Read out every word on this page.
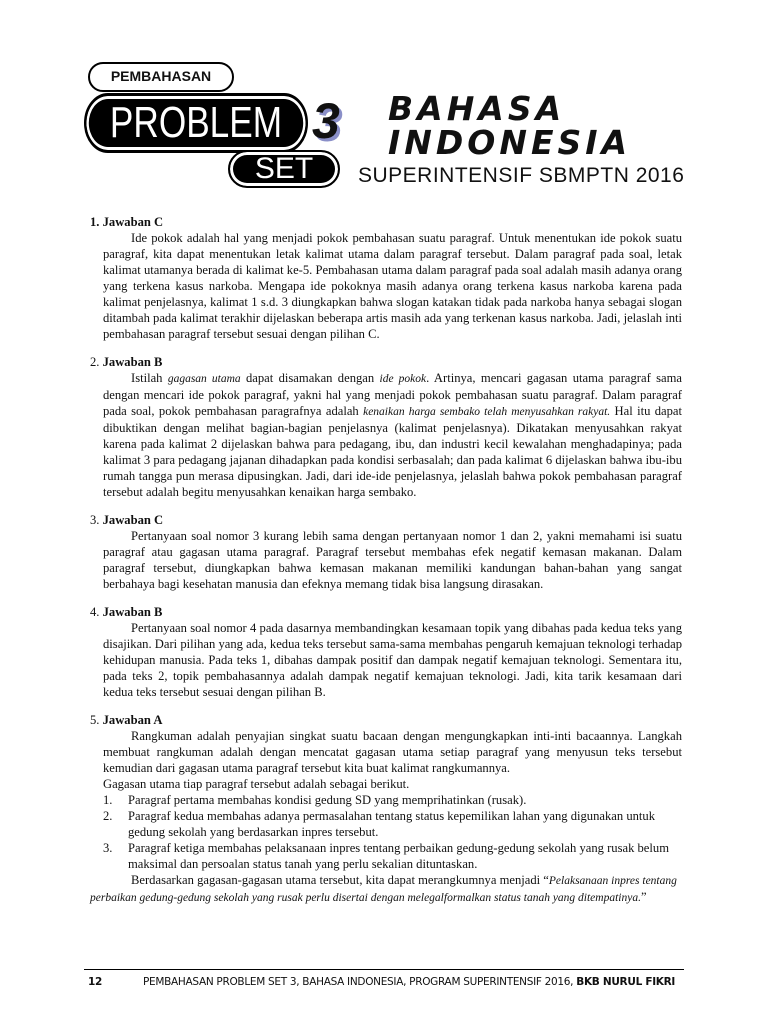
PEMBAHASAN
PROBLEM
SET
3 BAHASA
INDONESIA
SUPERINTENSIF SBMPTN 2016
1. Jawaban C

Ide pokok adalah hal yang menjadi pokok pembahasan suatu paragraf. Untuk menentukan ide pokok suatu paragraf, kita dapat menentukan letak kalimat utama dalam paragraf tersebut. Dalam paragraf pada soal, letak kalimat utamanya berada di kalimat ke-5. Pembahasan utama dalam paragraf pada soal adalah masih adanya orang yang terkena kasus narkoba. Mengapa ide pokoknya masih adanya orang terkena kasus narkoba karena pada kalimat penjelasnya, kalimat 1 s.d. 3 diungkapkan bahwa slogan katakan tidak pada narkoba hanya sebagai slogan ditambah pada kalimat terakhir dijelaskan beberapa artis masih ada yang terkenan kasus narkoba. Jadi, jelaslah inti pembahasan paragraf tersebut sesuai dengan pilihan C.

2. Jawaban B

Istilah gagasan utama dapat disamakan dengan ide pokok. Artinya, mencari gagasan utama paragraf sama dengan mencari ide pokok paragraf, yakni hal yang menjadi pokok pembahasan suatu paragraf. Dalam paragraf pada soal, pokok pembahasan paragrafnya adalah kenaikan harga sembako telah menyusahkan rakyat. Hal itu dapat dibuktikan dengan melihat bagian-bagian penjelasnya (kalimat penjelasnya). Dikatakan menyusahkan rakyat karena pada kalimat 2 dijelaskan bahwa para pedagang, ibu, dan industri kecil kewalahan menghadapinya; pada kalimat 3 para pedagang jajanan dihadapkan pada kondisi serbasalah; dan pada kalimat 6 dijelaskan bahwa ibu-ibu rumah tangga pun merasa dipusingkan. Jadi, dari ide-ide penjelasnya, jelaslah bahwa pokok pembahasan paragraf tersebut adalah begitu menyusahkan kenaikan harga sembako.

3. Jawaban C

Pertanyaan soal nomor 3 kurang lebih sama dengan pertanyaan nomor 1 dan 2, yakni memahami isi suatu paragraf atau gagasan utama paragraf. Paragraf tersebut membahas efek negatif kemasan makanan. Dalam paragraf tersebut, diungkapkan bahwa kemasan makanan memiliki kandungan bahan-bahan yang sangat berbahaya bagi kesehatan manusia dan efeknya memang tidak bisa langsung dirasakan.

4. Jawaban B

Pertanyaan soal nomor 4 pada dasarnya membandingkan kesamaan topik yang dibahas pada kedua teks yang disajikan. Dari pilihan yang ada, kedua teks tersebut sama-sama membahas pengaruh kemajuan teknologi terhadap kehidupan manusia. Pada teks 1, dibahas dampak positif dan dampak negatif kemajuan teknologi. Sementara itu, pada teks 2, topik pembahasannya adalah dampak negatif kemajuan teknologi. Jadi, kita tarik kesamaan dari kedua teks tersebut sesuai dengan pilihan B.

5. Jawaban A

Rangkuman adalah penyajian singkat suatu bacaan dengan mengungkapkan inti-inti bacaannya. Langkah membuat rangkuman adalah dengan mencatat gagasan utama setiap paragraf yang menyusun teks tersebut kemudian dari gagasan utama paragraf tersebut kita buat kalimat rangkumannya.

Gagasan utama tiap paragraf tersebut adalah sebagai berikut.

1.	Paragraf pertama membahas kondisi gedung SD yang memprihatinkan (rusak).
2.	Paragraf kedua membahas adanya permasalahan tentang status kepemilikan lahan yang digunakan untuk gedung sekolah yang berdasarkan inpres tersebut.
3.	Paragraf ketiga membahas pelaksanaan inpres tentang perbaikan gedung-gedung sekolah yang rusak belum maksimal dan persoalan status tanah yang perlu sekalian dituntaskan.

Berdasarkan gagasan-gagasan utama tersebut, kita dapat merangkumnya menjadi “Pelaksanaan inpres tentang perbaikan gedung-gedung sekolah yang rusak perlu disertai dengan melegalformalkan status tanah yang ditempatinya.”

12	PEMBAHASAN PROBLEM SET 3, BAHASA INDONESIA, PROGRAM SUPERINTENSIF 2016, BKB NURUL FIKRI
